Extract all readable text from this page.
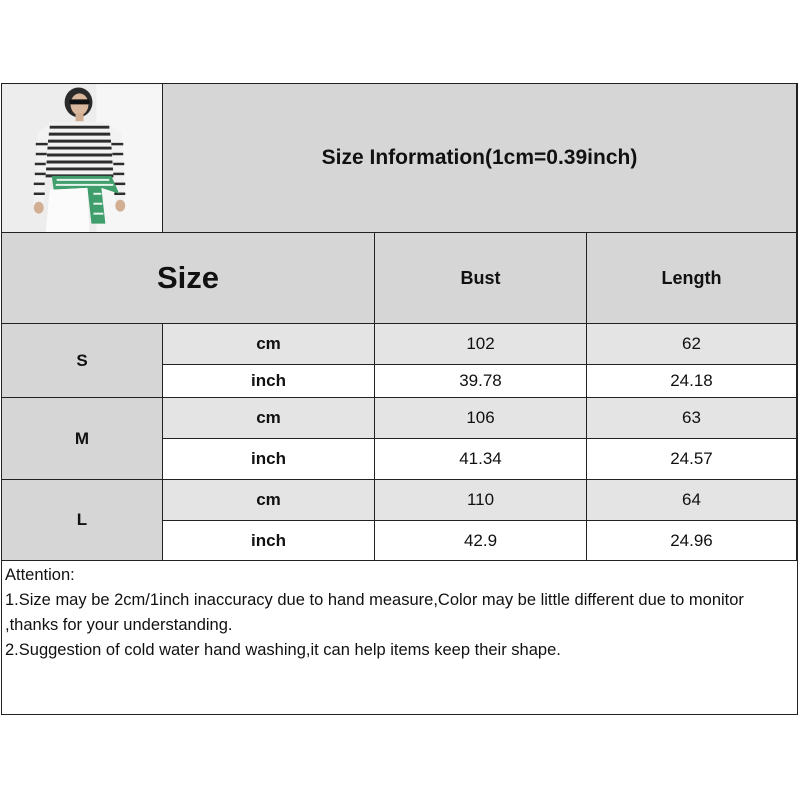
Size Information(1cm=0.39inch)
Size	Bust	Length
S
cm	102	62
inch	39.78	24.18
M
cm	106	63
inch	41.34	24.57
L
cm	110	64
inch	42.9	24.96
Attention:
1.Size may be 2cm/1inch inaccuracy due to hand measure,Color may be little different due to monitor ,thanks for your understanding.
2.Suggestion of cold water hand washing,it can help items keep their shape.
